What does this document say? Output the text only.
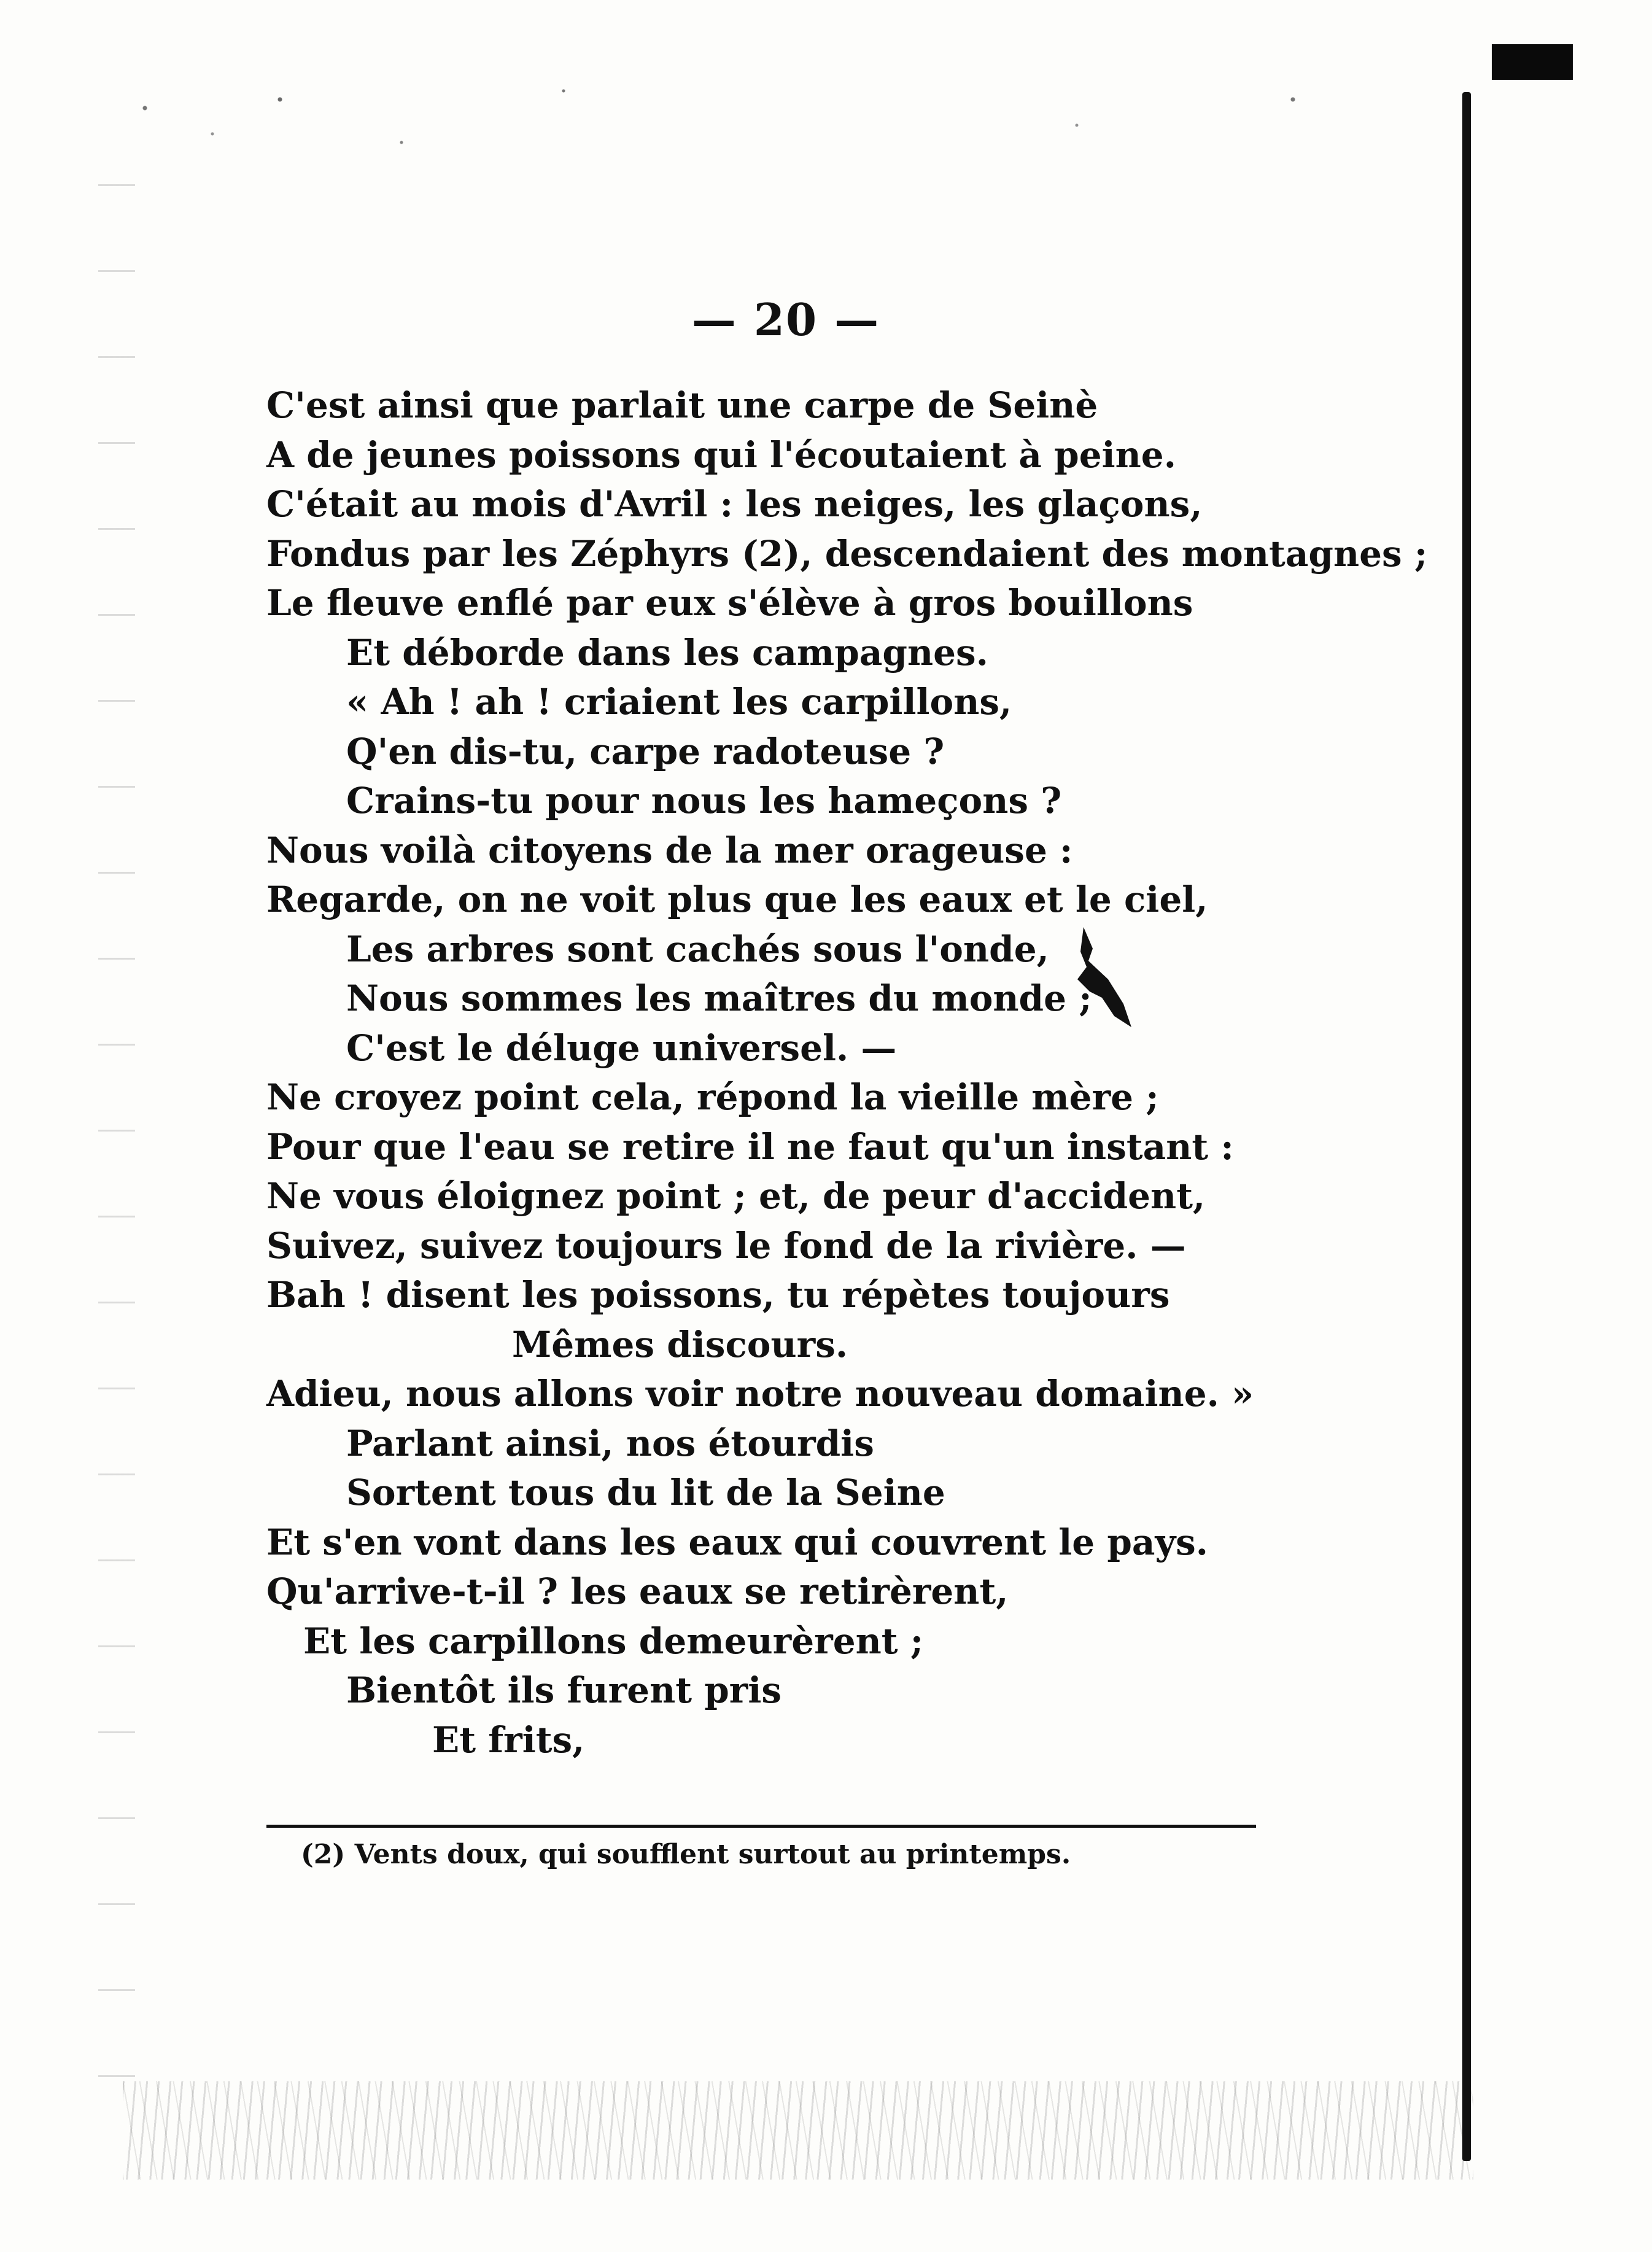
— 20 —
C'est ainsi que parlait une carpe de Seinè
A de jeunes poissons qui l'écoutaient à peine.
C'était au mois d'Avril : les neiges, les glaçons,
Fondus par les Zéphyrs (2), descendaient des montagnes ;
Le fleuve enflé par eux s'élève à gros bouillons
Et déborde dans les campagnes.
« Ah ! ah ! criaient les carpillons,
Q'en dis-tu, carpe radoteuse ?
Crains-tu pour nous les hameçons ?
Nous voilà citoyens de la mer orageuse :
Regarde, on ne voit plus que les eaux et le ciel,
Les arbres sont cachés sous l'onde,
Nous sommes les maîtres du monde ;
C'est le déluge universel. —
Ne croyez point cela, répond la vieille mère ;
Pour que l'eau se retire il ne faut qu'un instant :
Ne vous éloignez point ; et, de peur d'accident,
Suivez, suivez toujours le fond de la rivière. —
Bah ! disent les poissons, tu répètes toujours
Mêmes discours.
Adieu, nous allons voir notre nouveau domaine. »
Parlant ainsi, nos étourdis
Sortent tous du lit de la Seine
Et s'en vont dans les eaux qui couvrent le pays.
Qu'arrive-t-il ? les eaux se retirèrent,
Et les carpillons demeurèrent ;
Bientôt ils furent pris
Et frits,
(2) Vents doux, qui soufflent surtout au printemps.
